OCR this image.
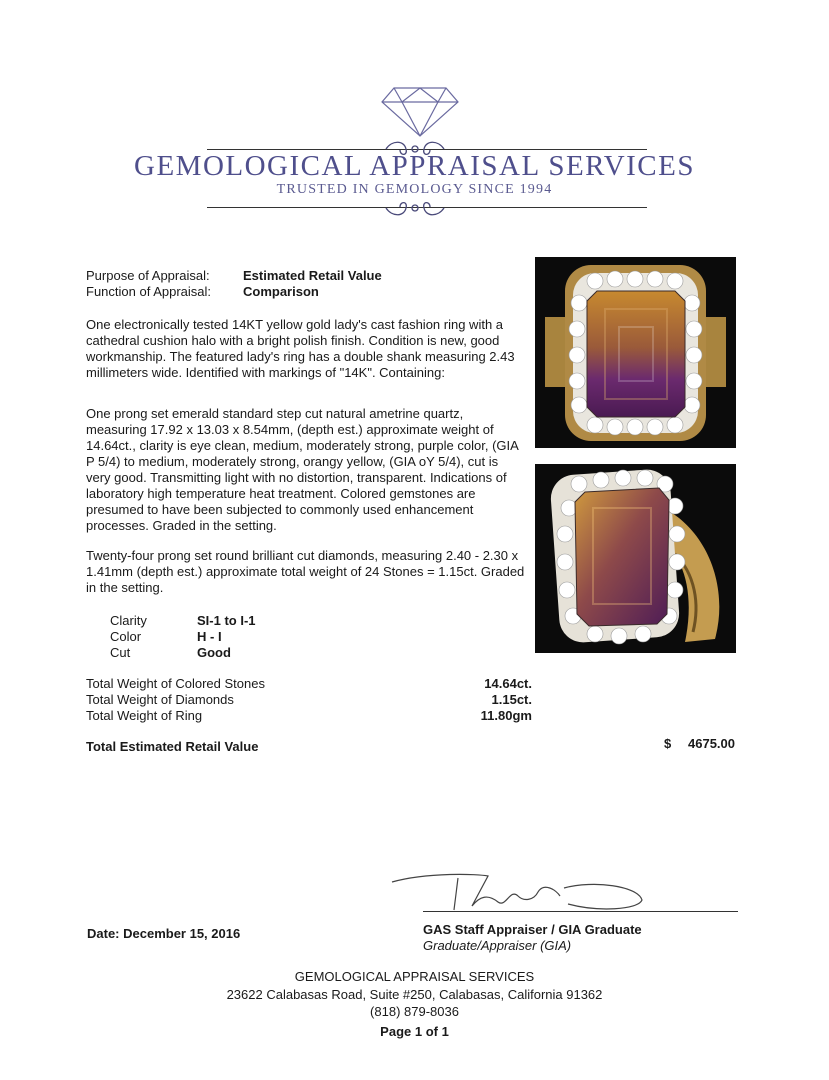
GEMOLOGICAL APPRAISAL SERVICES
TRUSTED IN GEMOLOGY SINCE 1994
Purpose of Appraisal:	Estimated Retail Value
Function of Appraisal: Comparison

One electronically tested 14KT yellow gold lady's cast fashion ring with a cathedral cushion halo with a bright polish finish. Condition is new, good workmanship. The featured lady's ring has a double shank measuring 2.43 millimeters wide. Identified with markings of "14K". Containing:

One prong set emerald standard step cut natural ametrine quartz, measuring 17.92 x 13.03 x 8.54mm, (depth est.) approximate weight of 14.64ct., clarity is eye clean, medium, moderately strong, purple color, (GIA P 5/4) to medium, moderately strong, orangy yellow, (GIA oY 5/4), cut is very good. Transmitting light with no distortion, transparent. Indications of laboratory high temperature heat treatment. Colored gemstones are presumed to have been subjected to commonly used enhancement processes. Graded in the setting.

Twenty-four prong set round brilliant cut diamonds, measuring 2.40 - 2.30 x 1.41mm (depth est.) approximate total weight of 24 Stones = 1.15ct. Graded in the setting.

Clarity	SI-1 to I-1
Color	H - I
Cut	Good
Total Weight of Colored Stones	14.64ct.
Total Weight of Diamonds	1.15ct.
Total Weight of Ring	11.80gm
Total Estimated Retail Value	$ 4675.00
Date: December 15, 2016	GAS Staff Appraiser / GIA Graduate
Graduate/Appraiser (GIA)
GEMOLOGICAL APPRAISAL SERVICES
23622 Calabasas Road, Suite #250, Calabasas, California 91362
(818) 879-8036
Page 1 of 1
